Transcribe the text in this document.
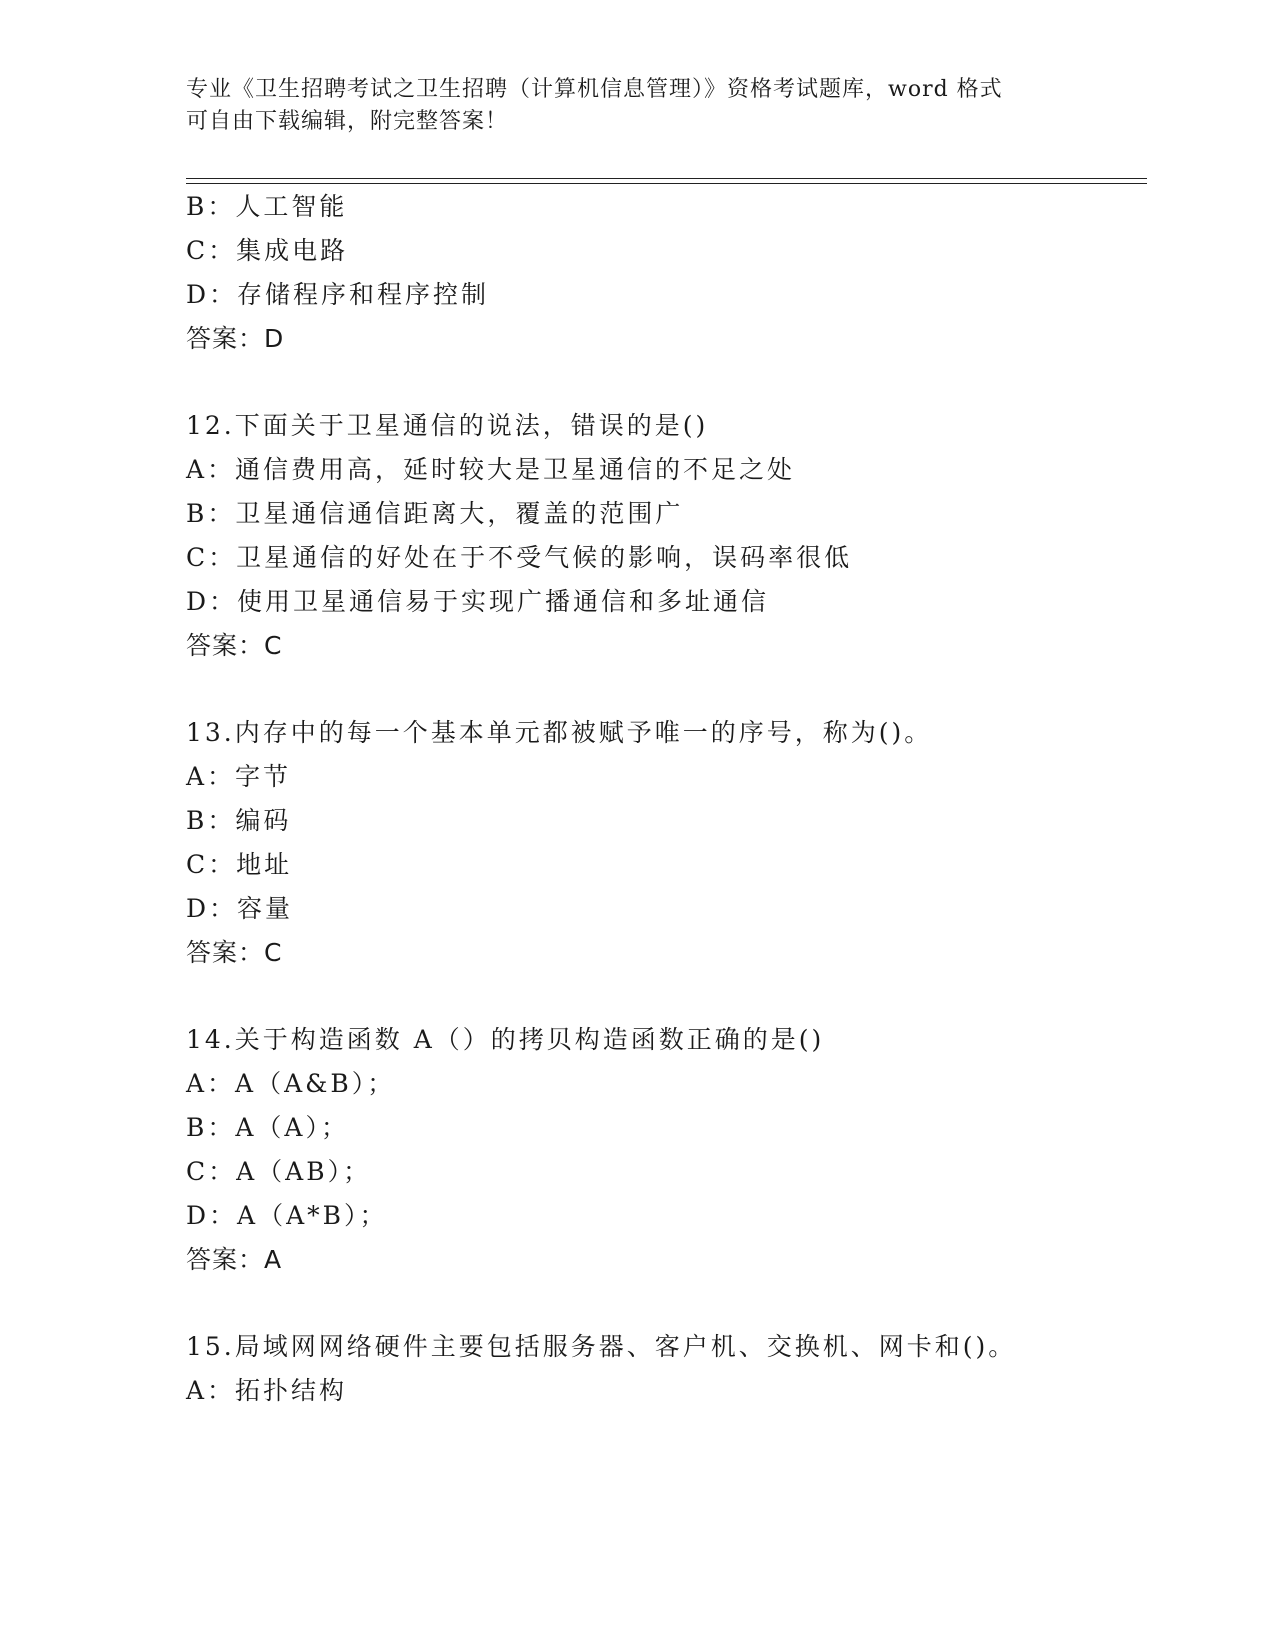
专业《卫生招聘考试之卫生招聘（计算机信息管理）》资格考试题库，word 格式
可自由下载编辑，附完整答案！
B：人工智能
C：集成电路
D：存储程序和程序控制
答案：D
12.下面关于卫星通信的说法，错误的是()
A：通信费用高，延时较大是卫星通信的不足之处
B：卫星通信通信距离大，覆盖的范围广
C：卫星通信的好处在于不受气候的影响，误码率很低
D：使用卫星通信易于实现广播通信和多址通信
答案：C
13.内存中的每一个基本单元都被赋予唯一的序号，称为()。
A：字节
B：编码
C：地址
D：容量
答案：C
14.关于构造函数 A（）的拷贝构造函数正确的是()
A：A（A&B）；
B：A（A）；
C：A（AB）；
D：A（A*B）；
答案：A
15.局域网网络硬件主要包括服务器、客户机、交换机、网卡和()。
A：拓扑结构
